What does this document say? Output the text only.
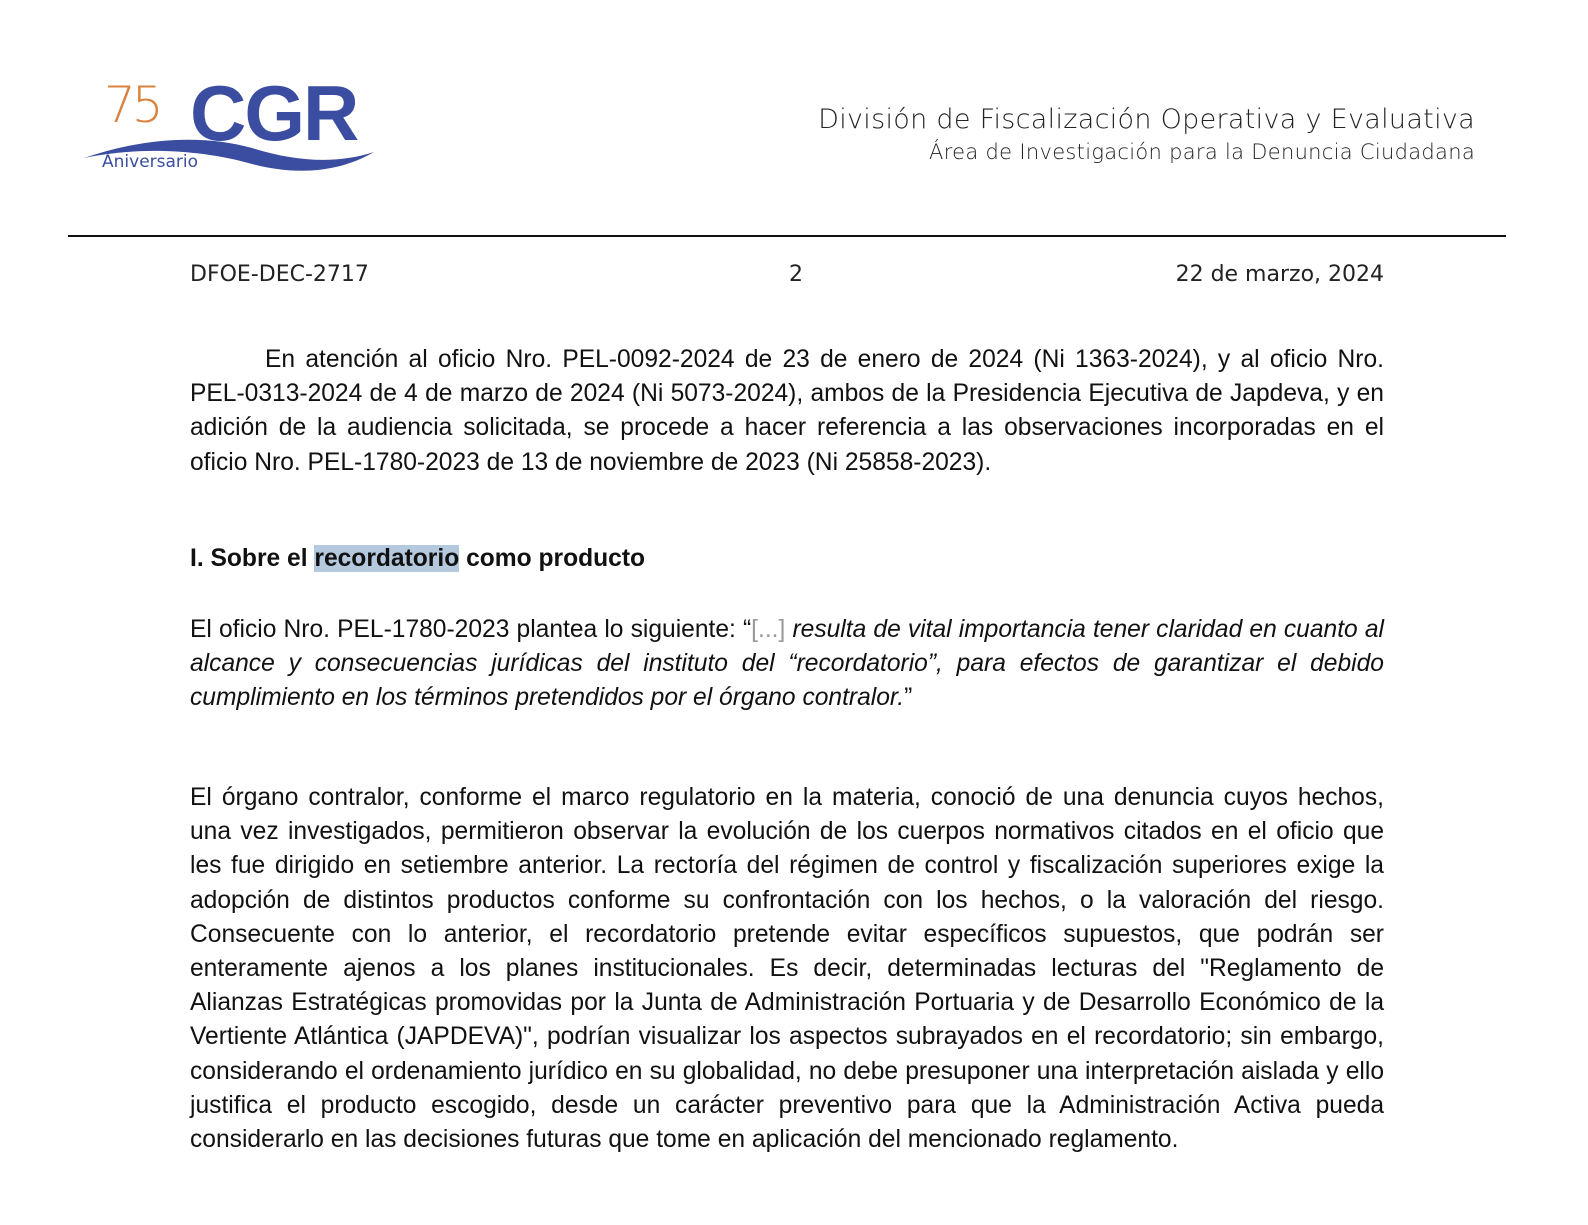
75 CGR
Aniversario
División de Fiscalización Operativa y Evaluativa
Área de Investigación para la Denuncia Ciudadana
DFOE-DEC-2717	2	22 de marzo, 2024
En atención al oficio Nro. PEL-0092-2024 de 23 de enero de 2024 (Ni 1363-2024), y al oficio Nro. PEL-0313-2024 de 4 de marzo de 2024 (Ni 5073-2024), ambos de la Presidencia Ejecutiva de Japdeva, y en adición de la audiencia solicitada, se procede a hacer referencia a las observaciones incorporadas en el oficio Nro. PEL-1780-2023 de 13 de noviembre de 2023 (Ni 25858-2023).
I. Sobre el recordatorio como producto
El oficio Nro. PEL-1780-2023 plantea lo siguiente: “[...] resulta de vital importancia tener claridad en cuanto al alcance y consecuencias jurídicas del instituto del “recordatorio”, para efectos de garantizar el debido cumplimiento en los términos pretendidos por el órgano contralor.”
El órgano contralor, conforme el marco regulatorio en la materia, conoció de una denuncia cuyos hechos, una vez investigados, permitieron observar la evolución de los cuerpos normativos citados en el oficio que les fue dirigido en setiembre anterior. La rectoría del régimen de control y fiscalización superiores exige la adopción de distintos productos conforme su confrontación con los hechos, o la valoración del riesgo. Consecuente con lo anterior, el recordatorio pretende evitar específicos supuestos, que podrán ser enteramente ajenos a los planes institucionales. Es decir, determinadas lecturas del "Reglamento de Alianzas Estratégicas promovidas por la Junta de Administración Portuaria y de Desarrollo Económico de la Vertiente Atlántica (JAPDEVA)", podrían visualizar los aspectos subrayados en el recordatorio; sin embargo, considerando el ordenamiento jurídico en su globalidad, no debe presuponer una interpretación aislada y ello justifica el producto escogido, desde un carácter preventivo para que la Administración Activa pueda considerarlo en las decisiones futuras que tome en aplicación del mencionado reglamento.
